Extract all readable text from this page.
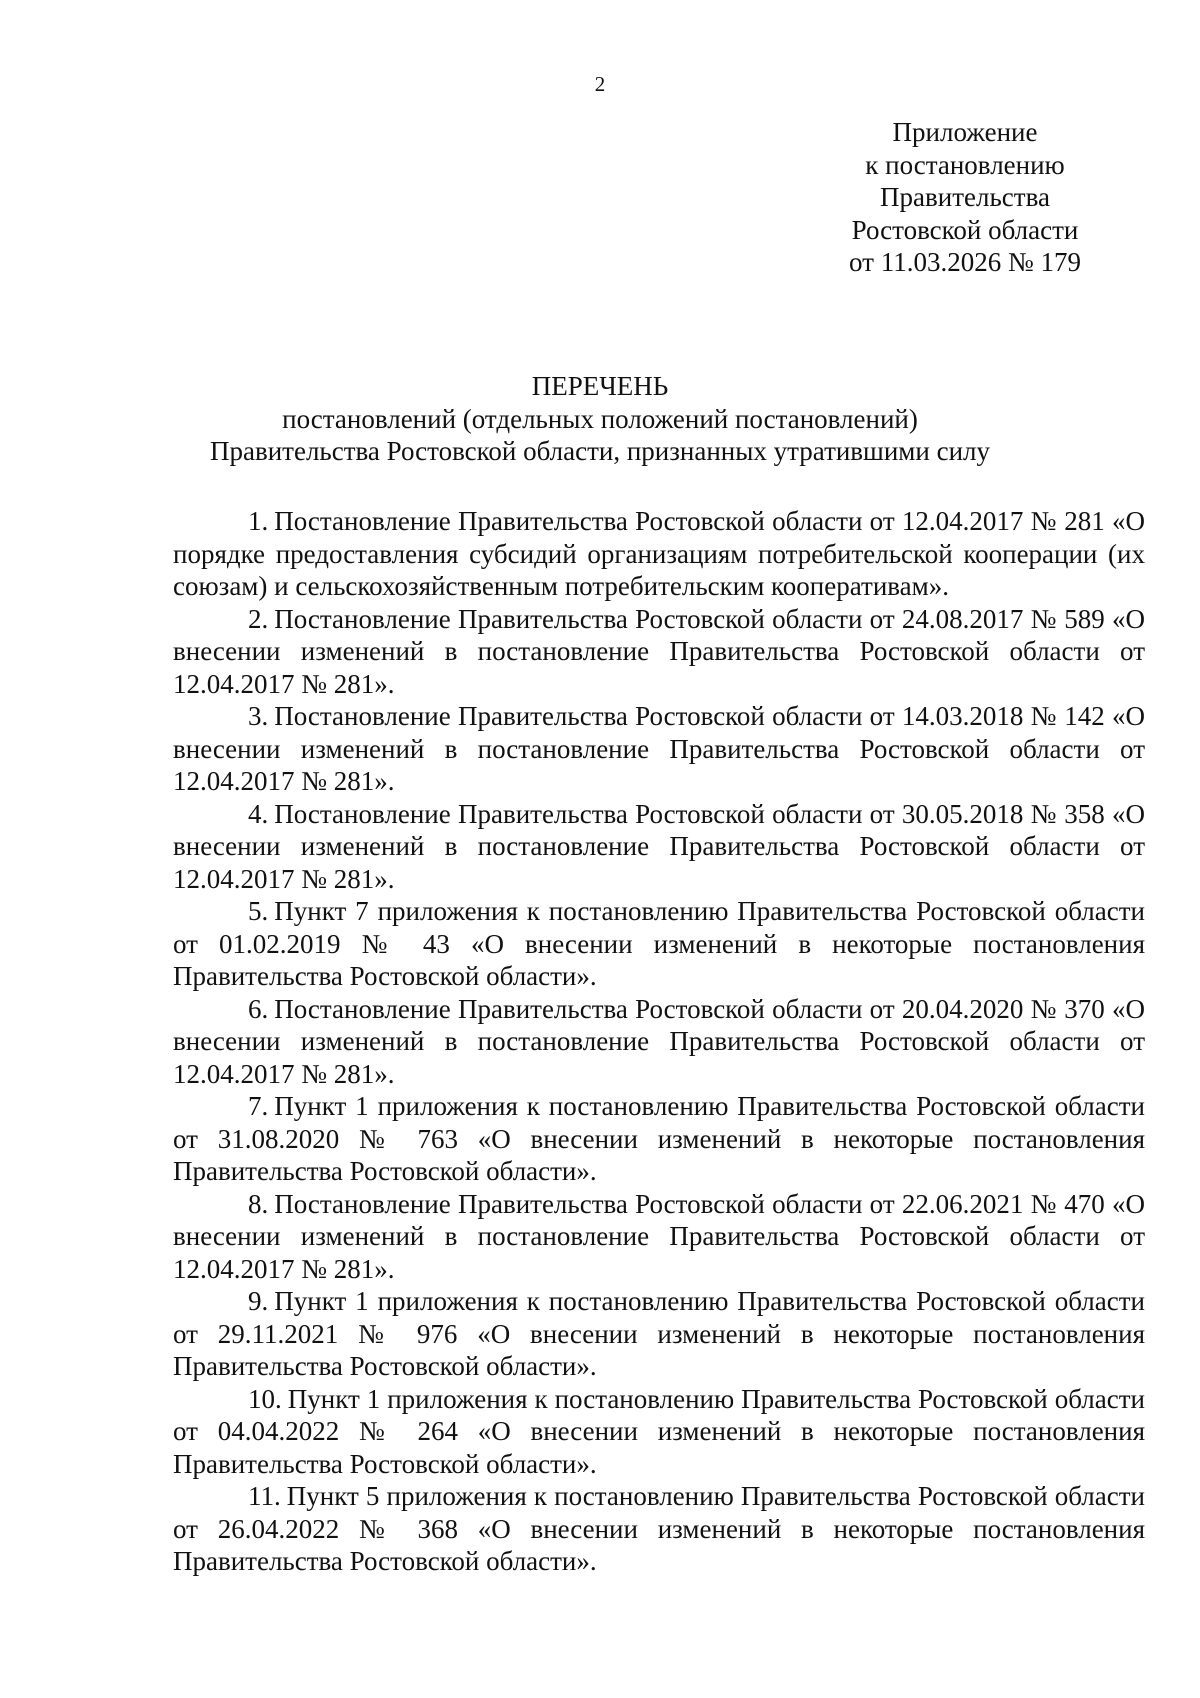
2
Приложение
к постановлению
Правительства
Ростовской области
от 11.03.2026 № 179
ПЕРЕЧЕНЬ
постановлений (отдельных положений постановлений)
Правительства Ростовской области, признанных утратившими силу

1. Постановление Правительства Ростовской области от 12.04.2017 № 281 «О порядке предоставления субсидий организациям потребительской кооперации (их союзам) и сельскохозяйственным потребительским кооперативам».

2. Постановление Правительства Ростовской области от 24.08.2017 № 589 «О внесении изменений в постановление Правительства Ростовской области от 12.04.2017 № 281».

3. Постановление Правительства Ростовской области от 14.03.2018 № 142 «О внесении изменений в постановление Правительства Ростовской области от 12.04.2017 № 281».

4. Постановление Правительства Ростовской области от 30.05.2018 № 358 «О внесении изменений в постановление Правительства Ростовской области от 12.04.2017 № 281».

5. Пункт 7 приложения к постановлению Правительства Ростовской области от 01.02.2019 № 43 «О внесении изменений в некоторые постановления Правительства Ростовской области».

6. Постановление Правительства Ростовской области от 20.04.2020 № 370 «О внесении изменений в постановление Правительства Ростовской области от 12.04.2017 № 281».

7. Пункт 1 приложения к постановлению Правительства Ростовской области от 31.08.2020 № 763 «О внесении изменений в некоторые постановления Правительства Ростовской области».

8. Постановление Правительства Ростовской области от 22.06.2021 № 470 «О внесении изменений в постановление Правительства Ростовской области от 12.04.2017 № 281».

9. Пункт 1 приложения к постановлению Правительства Ростовской области от 29.11.2021 № 976 «О внесении изменений в некоторые постановления Правительства Ростовской области».

10. Пункт 1 приложения к постановлению Правительства Ростовской области от 04.04.2022 № 264 «О внесении изменений в некоторые постановления Правительства Ростовской области».

11. Пункт 5 приложения к постановлению Правительства Ростовской области от 26.04.2022 № 368 «О внесении изменений в некоторые постановления Правительства Ростовской области».
